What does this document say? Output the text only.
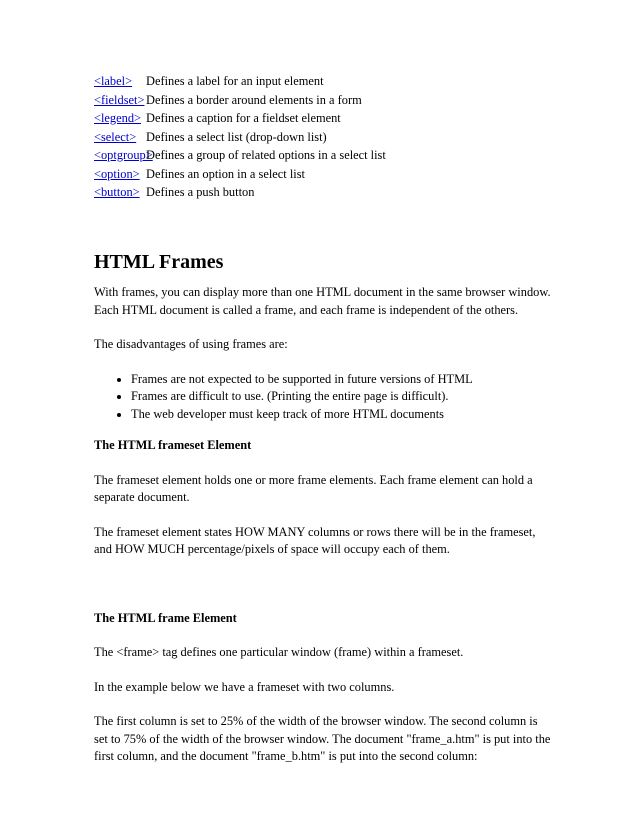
<label> Defines a label for an input element
<fieldset> Defines a border around elements in a form
<legend> Defines a caption for a fieldset element
<select> Defines a select list (drop-down list)
<optgroup>Defines a group of related options in a select list
<option> Defines an option in a select list
<button> Defines a push button
HTML Frames

With frames, you can display more than one HTML document in the same browser window. Each HTML document is called a frame, and each frame is independent of the others.

The disadvantages of using frames are:

• Frames are not expected to be supported in future versions of HTML
• Frames are difficult to use. (Printing the entire page is difficult).
• The web developer must keep track of more HTML documents
The HTML frameset Element

The frameset element holds one or more frame elements. Each frame element can hold a separate document.

The frameset element states HOW MANY columns or rows there will be in the frameset, and HOW MUCH percentage/pixels of space will occupy each of them.

The HTML frame Element

The <frame> tag defines one particular window (frame) within a frameset.

In the example below we have a frameset with two columns.

The first column is set to 25% of the width of the browser window. The second column is set to 75% of the width of the browser window. The document "frame_a.htm" is put into the first column, and the document "frame_b.htm" is put into the second column:
